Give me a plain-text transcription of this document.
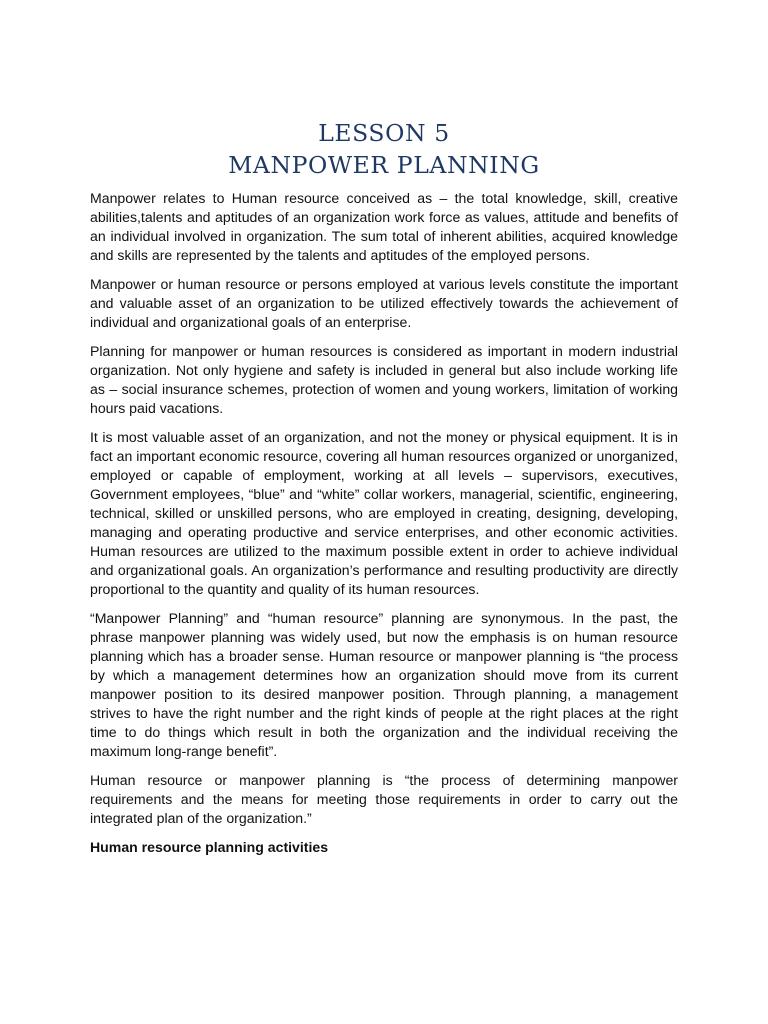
LESSON 5
MANPOWER PLANNING

Manpower relates to Human resource conceived as – the total knowledge, skill, creative abilities,talents and aptitudes of an organization work force as values, attitude and benefits of an individual involved in organization. The sum total of inherent abilities, acquired knowledge and skills are represented by the talents and aptitudes of the employed persons.

Manpower or human resource or persons employed at various levels constitute the important and valuable asset of an organization to be utilized effectively towards the achievement of individual and organizational goals of an enterprise.

Planning for manpower or human resources is considered as important in modern industrial organization. Not only hygiene and safety is included in general but also include working life as – social insurance schemes, protection of women and young workers, limitation of working hours paid vacations.

It is most valuable asset of an organization, and not the money or physical equipment. It is in fact an important economic resource, covering all human resources organized or unorganized, employed or capable of employment, working at all levels – supervisors, executives, Government employees, “blue” and “white” collar workers, managerial, scientific, engineering, technical, skilled or unskilled persons, who are employed in creating, designing, developing, managing and operating productive and service enterprises, and other economic activities. Human resources are utilized to the maximum possible extent in order to achieve individual and organizational goals. An organization’s performance and resulting productivity are directly proportional to the quantity and quality of its human resources.

“Manpower Planning” and “human resource” planning are synonymous. In the past, the phrase manpower planning was widely used, but now the emphasis is on human resource planning which has a broader sense. Human resource or manpower planning is “the process by which a management determines how an organization should move from its current manpower position to its desired manpower position. Through planning, a management strives to have the right number and the right kinds of people at the right places at the right time to do things which result in both the organization and the individual receiving the maximum long-range benefit”.

Human resource or manpower planning is “the process of determining manpower requirements and the means for meeting those requirements in order to carry out the integrated plan of the organization.”

Human resource planning activities
